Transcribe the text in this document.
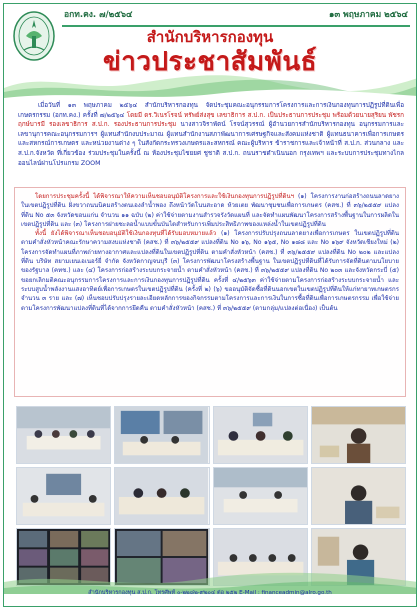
อกท.คง. ๗/๒๕๖๔	๑๓ พฤษภาคม ๒๕๖๔
สำนักบริหารกองทุน
ข่าวประชาสัมพันธ์

เมื่อวันที่ ๑๓ พฤษภาคม ๒๕๖๔ สำนักบริหารกองทุน จัดประชุมคณะอนุกรรมการโครงการและการเงินกองทุนการปฏิรูปที่ดินเพื่อเกษตรกรรม (อกท.คง.) ครั้งที่ ๗/๒๕๖๔ โดยมี ดร.วิเนรโรจน์ ทรัพย์ส่งสุข เลขาธิการ ส.ป.ก. เป็นประธานการประชุม พร้อมด้วยนายสุริยน พัชรกฤกษ์บารมี รองเลขาธิการ ส.ป.ก. รองประธานการประชุม นางสาวจิราพัตน์ โรจน์สุวรรณ์ ผู้อำนวยการสำนักบริหารกองทุน อนุกรรมการและเลขานุการคณะอนุกรรมการฯ ผู้แทนสำนักงบประมาณ ผู้แทนสำนักงานสภาพัฒนาการเศรษฐกิจและสังคมแห่งชาติ ผู้แทนธนาคารเพื่อการเกษตรและสหกรณ์การเกษตร และหน่วยงานต่าง ๆ ในสังกัดกระทรวงเกษตรและสหกรณ์ คณะผู้บริหาร ข้าราชการและเจ้าหน้าที่ ส.ป.ก. ส่วนกลาง และ ส.ป.ก.จังหวัด ที่เกี่ยวข้อง ร่วมประชุมในครั้งนี้ ณ ห้องประชุมไชยยศ ชูชาติ ส.ป.ก. ถนนราชดำเนินนอก กรุงเทพฯ และระบบการประชุมทางไกลออนไลน์ผ่านโปรแกรม ZOOM

โดยการประชุมครั้งนี้ ได้พิจารณาให้ความเห็นชอบอนุมัติโครงการและใช้เงินกองทุนการปฏิรูปที่ดินฯ (๑) โครงการงานก่อสร้างถนนลาดยางในเขตปฏิรูปที่ดิน ฝั่งขวาถนนนิคมสร้างตนเองลำน้ำพอง ถึงหน้าวัดโนนสะอาด ห้วยเตย พัฒนาชุมชนเพื่อการเกษตร (คสช.) ที่ ๓๖/๒๕๕๙ แปลงที่ดิน No ๕๓ จังหวัดขอนแก่น จำนวน ๑๑ ฉบับ (๒) ค่าใช้จ่ายตามงานสำรวจรังวัดแผนที่ และจัดทำแผนพัฒนาโครงการสร้างพื้นฐานในการผลิตในเขตปฏิรูปที่ดิน และ (๓) โครงการฝายชะลอน้ำแบบขั้นบันไดสำหรับการเพิ่มประสิทธิภาพของแหล่งน้ำในเขตปฏิรูปที่ดิน

ทั้งนี้ ยังได้พิจารณาเห็นชอบอนุมัติใช้เงินกองทุนที่ได้รับมอบหมายแล้ว (๑) โครงการปรับปรุงถนนลาดยางเพื่อการเกษตร ในเขตปฏิรูปที่ดินตามคำสั่งหัวหน้าคณะรักษาความสงบแห่งชาติ (คสช.) ที่ ๓๖/๒๕๕๙ แปลงที่ดิน No ๑๖, No ๑๖๕, No ๑๘๘ และ No ๑๖๙ จังหวัดเชียงใหม่ (๒) โครงการจัดทำแผนที่ภาพถ่ายทางอากาศและแปลงที่ดินในเขตปฏิรูปที่ดิน ตามคำสั่งหัวหน้า (คสช.) ที่ ๓๖/๒๕๕๙ แปลงที่ดิน No ๒๐๒ และแปลงที่ดิน บริษัท สยามเยนเอเนอร์ยี่ จำกัด จังหวัดกาญจนบุรี (๓) โครงการพัฒนาโครงสร้างพื้นฐาน ในเขตปฏิรูปที่ดินที่ได้รับการจัดที่ดินตามนโยบายของรัฐบาล (คทช.) และ (๔) โครงการก่อสร้างระบบกระจายน้ำ ตามคำสั่งหัวหน้า (คสช.) ที่ ๓๖/๒๕๕๙ แปลงที่ดิน No ๒๐๓ และจังหวัดกระบี่ (๕) ขอยกเลิกมติคณะอนุกรรมการโครงการและการเงินกองทุนการปฏิรูปที่ดิน ครั้งที่ ๔/๒๕๖๓ ค่าใช้จ่ายตามโครงการก่อสร้างระบบกระจายน้ำ และระบบสูบน้ำพลังงานแสงอาทิตย์เพื่อการเกษตรในเขตปฏิรูปที่ดิน (ครั้งที่ ๒) (๖) ขออนุมัติจัดซื้อที่ดินนอกเขตในเขตปฏิรูปที่ดินให้แก่ทายาทเกษตรกร จำนวน ๓ ราย และ (๗) เห็นชอบปรับปรุงรายละเอียดหลักการของกิจกรรมตามโครงการและการเงินในการซื้อที่ดินเพื่อการเกษตรกรรม เพื่อใช้จ่ายตามโครงการพัฒนาแปลงที่ดินที่ได้จากการยึดคืน ตามคำสั่งหัวหน้า (คสช.) ที่ ๓๖/๒๕๕๙ (ตามกลุ่ม/แปลงต่อเนื่อง) เป็นต้น

สำนักบริหารกองทุน ส.ป.ก. โทรศัพท์ ๐-๒๒๘๒-๙๒๐๔ ต่อ ๒๕๒ E-Mail : financeadmin@alro.go.th
